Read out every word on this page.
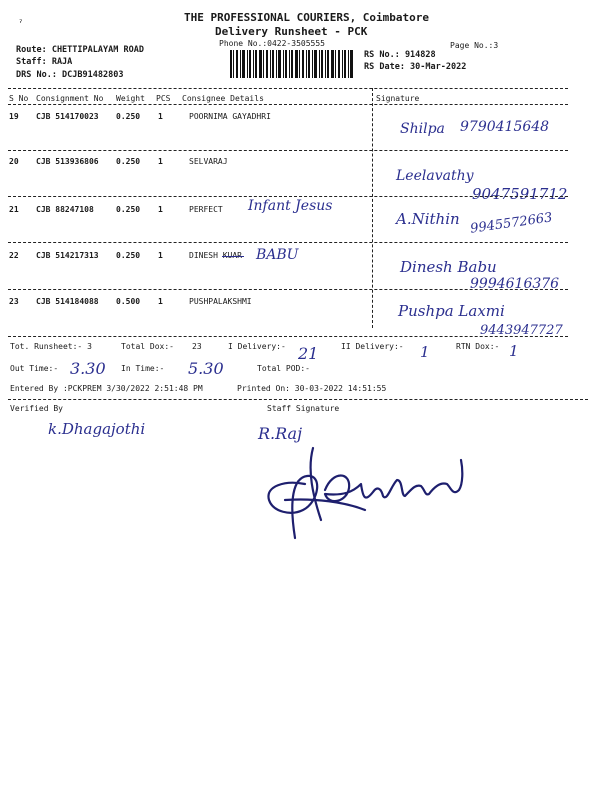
ˀ
THE PROFESSIONAL COURIERS, Coimbatore
Delivery Runsheet - PCK
Phone No.:0422-3505555	Page No.:3
Route: CHETTIPALAYAM ROAD
Staff: RAJA
DRS No.: DCJB91482803
RS No.: 914828
RS Date: 30-Mar-2022
S No Consignment No Weight PCS Consignee Details	Signature
19 CJB 514170023 0.250 1	POORNIMA GAYADHRI
Shilpa 9790415648
20 CJB 513936806 0.250 1	SELVARAJ
Leelavathy
9047591712
21 CJB 88247108	0.250 1	PERFECT Infant Jesus
A.Nithin 9945572663
22 CJB 514217313 0.250 1	DINESH KUAR BABU
Dinesh Babu
9994616376
23 CJB 514184088 0.500 1	PUSHPALAKSHMI
Pushpa Laxmi
9443947727
Tot. Runsheet:- 3	Total Dox:- 23	I Delivery:- 21	II Delivery:- 1	RTN Dox:- 1
Out Time:- 3.30 In Time:- 5.30	Total POD:-
Entered By :PCKPREM 3/30/2022 2:51:48 PM	Printed On: 30-03-2022 14:51:55
Verified By
k.Dhagajothi
Staff Signature
R.Raj
